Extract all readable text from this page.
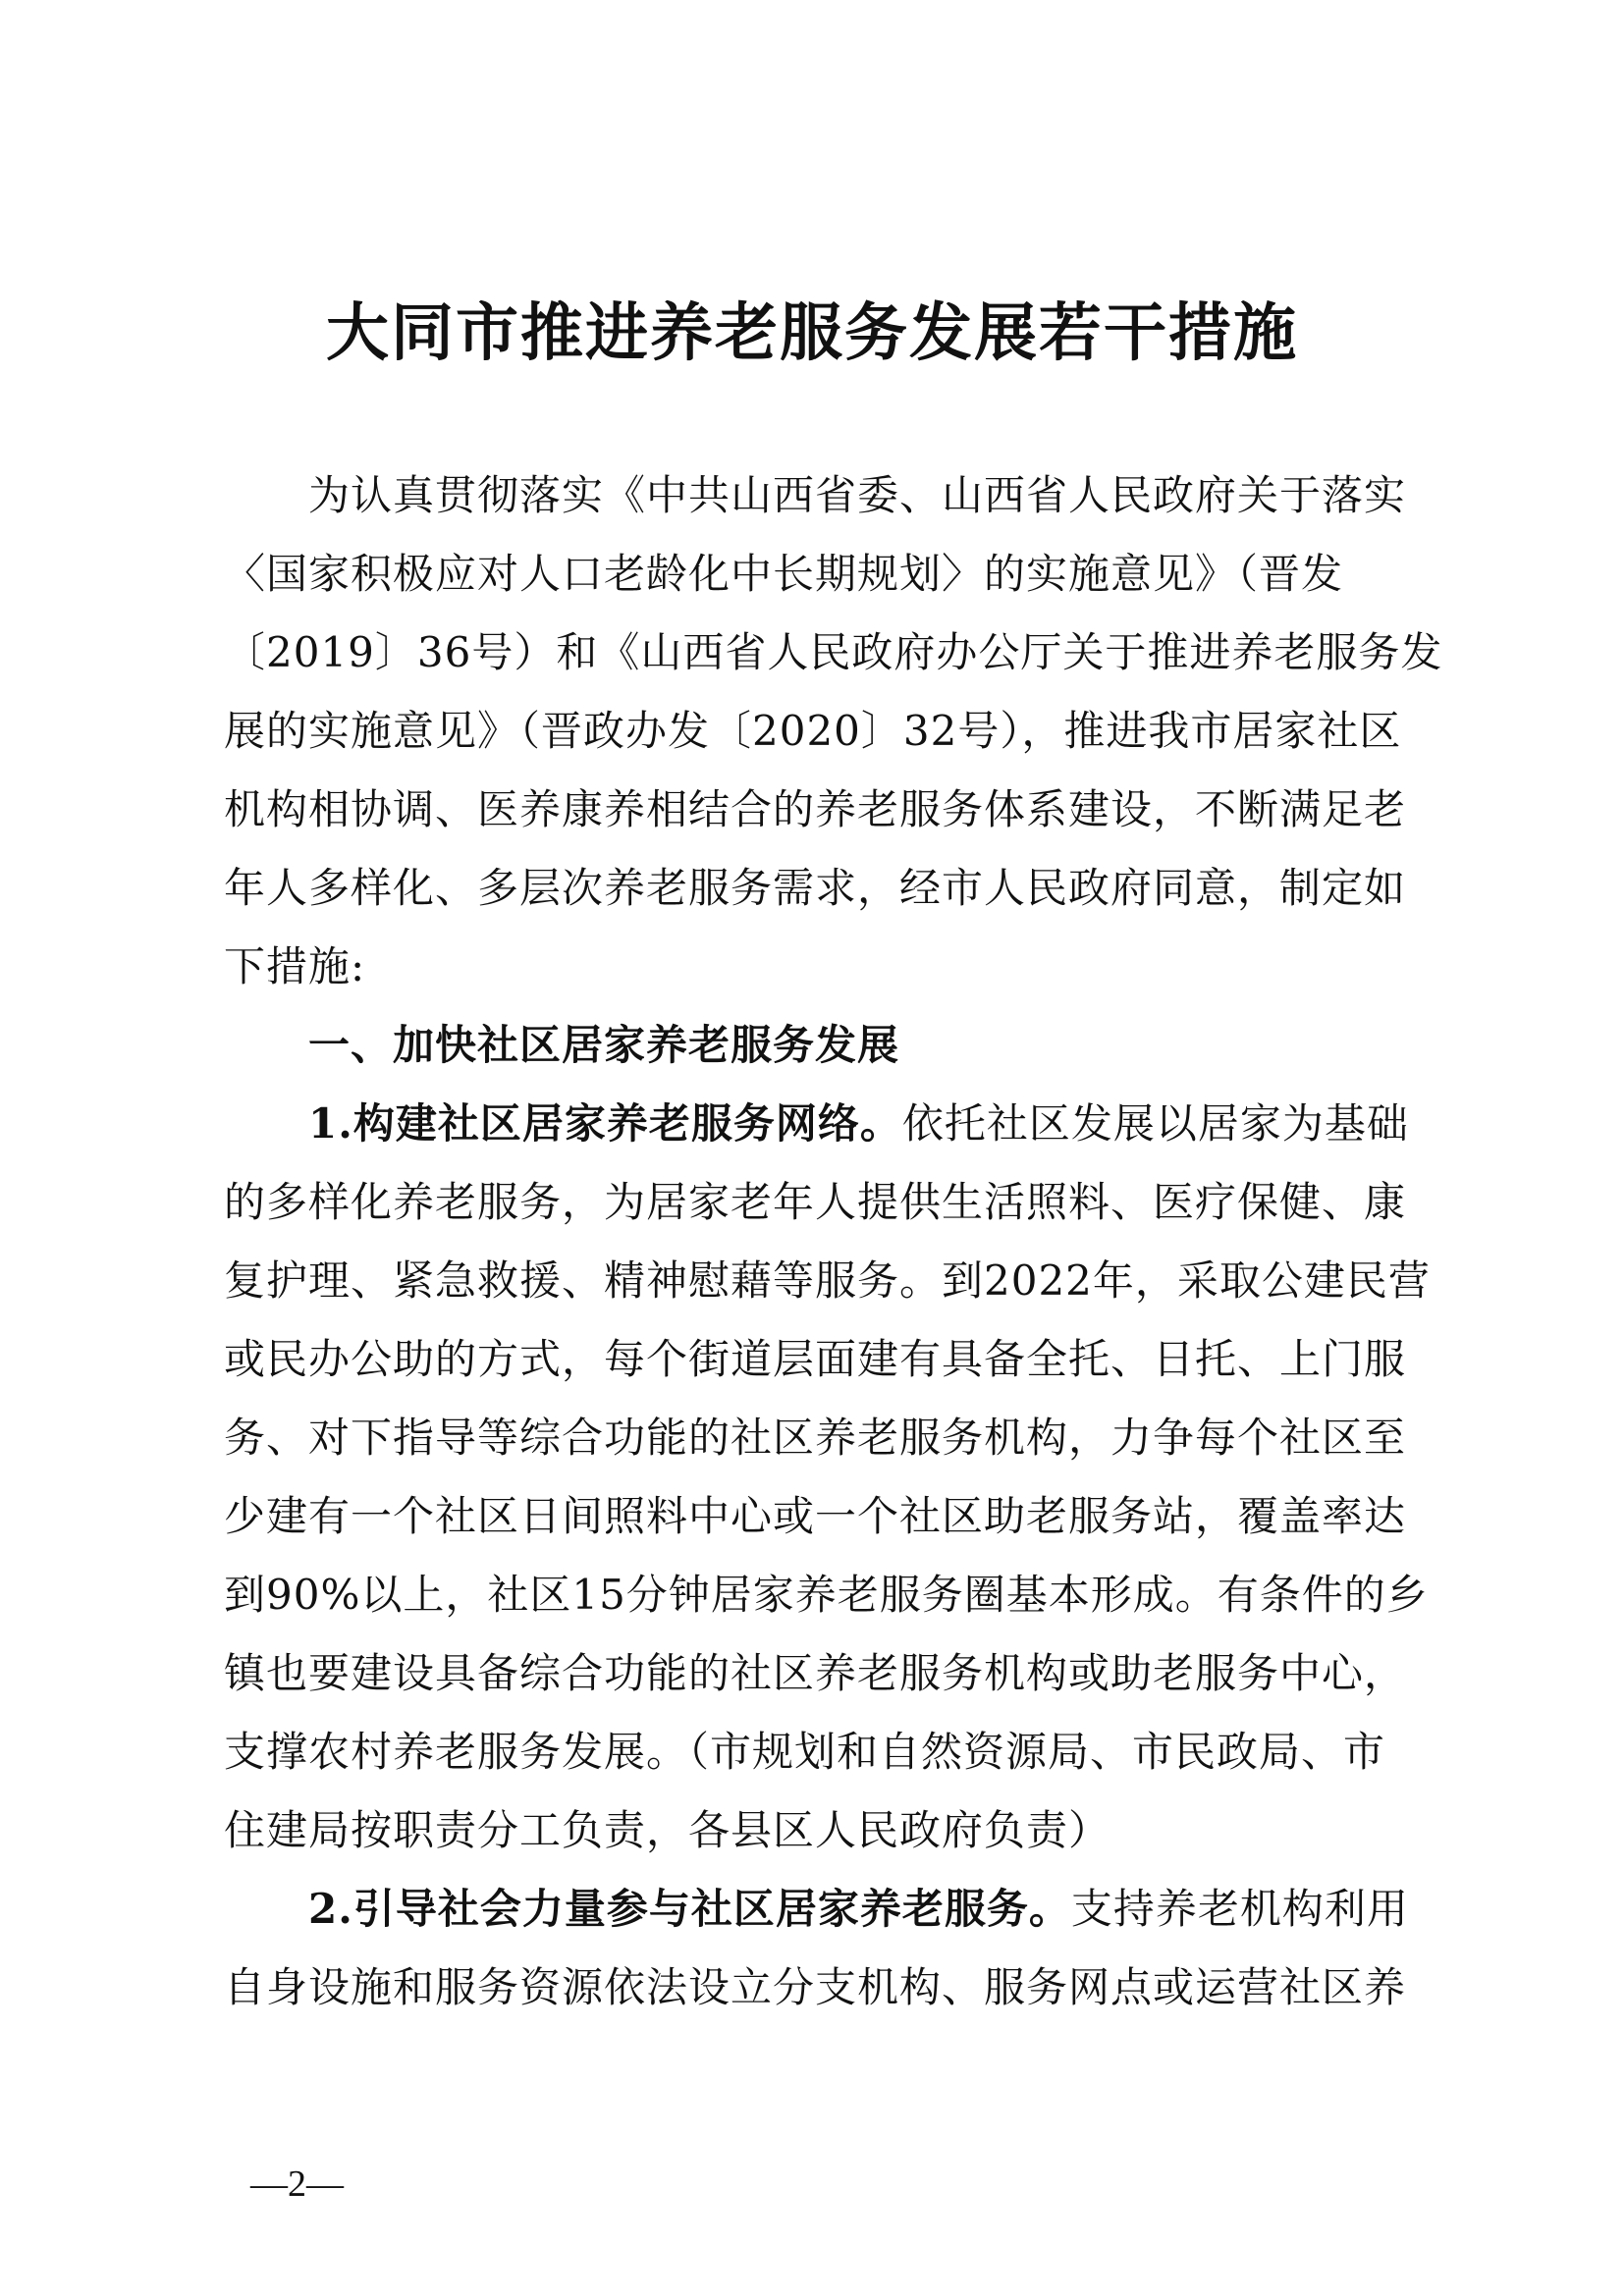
大同市推进养老服务发展若干措施
为认真贯彻落实《中共山西省委、山西省人民政府关于落实
〈国家积极应对人口老龄化中长期规划〉的实施意见》（晋发
〔2019〕36号）和《山西省人民政府办公厅关于推进养老服务发
展的实施意见》（晋政办发〔2020〕32号），推进我市居家社区
机构相协调、医养康养相结合的养老服务体系建设，不断满足老
年人多样化、多层次养老服务需求，经市人民政府同意，制定如
下措施:
一、加快社区居家养老服务发展
1.构建社区居家养老服务网络。依托社区发展以居家为基础
的多样化养老服务，为居家老年人提供生活照料、医疗保健、康
复护理、紧急救援、精神慰藉等服务。到2022年，采取公建民营
或民办公助的方式，每个街道层面建有具备全托、日托、上门服
务、对下指导等综合功能的社区养老服务机构，力争每个社区至
少建有一个社区日间照料中心或一个社区助老服务站，覆盖率达
到90%以上，社区15分钟居家养老服务圈基本形成。有条件的乡
镇也要建设具备综合功能的社区养老服务机构或助老服务中心，
支撑农村养老服务发展。（市规划和自然资源局、市民政局、市
住建局按职责分工负责，各县区人民政府负责）
2.引导社会力量参与社区居家养老服务。支持养老机构利用
自身设施和服务资源依法设立分支机构、服务网点或运营社区养
—2—
